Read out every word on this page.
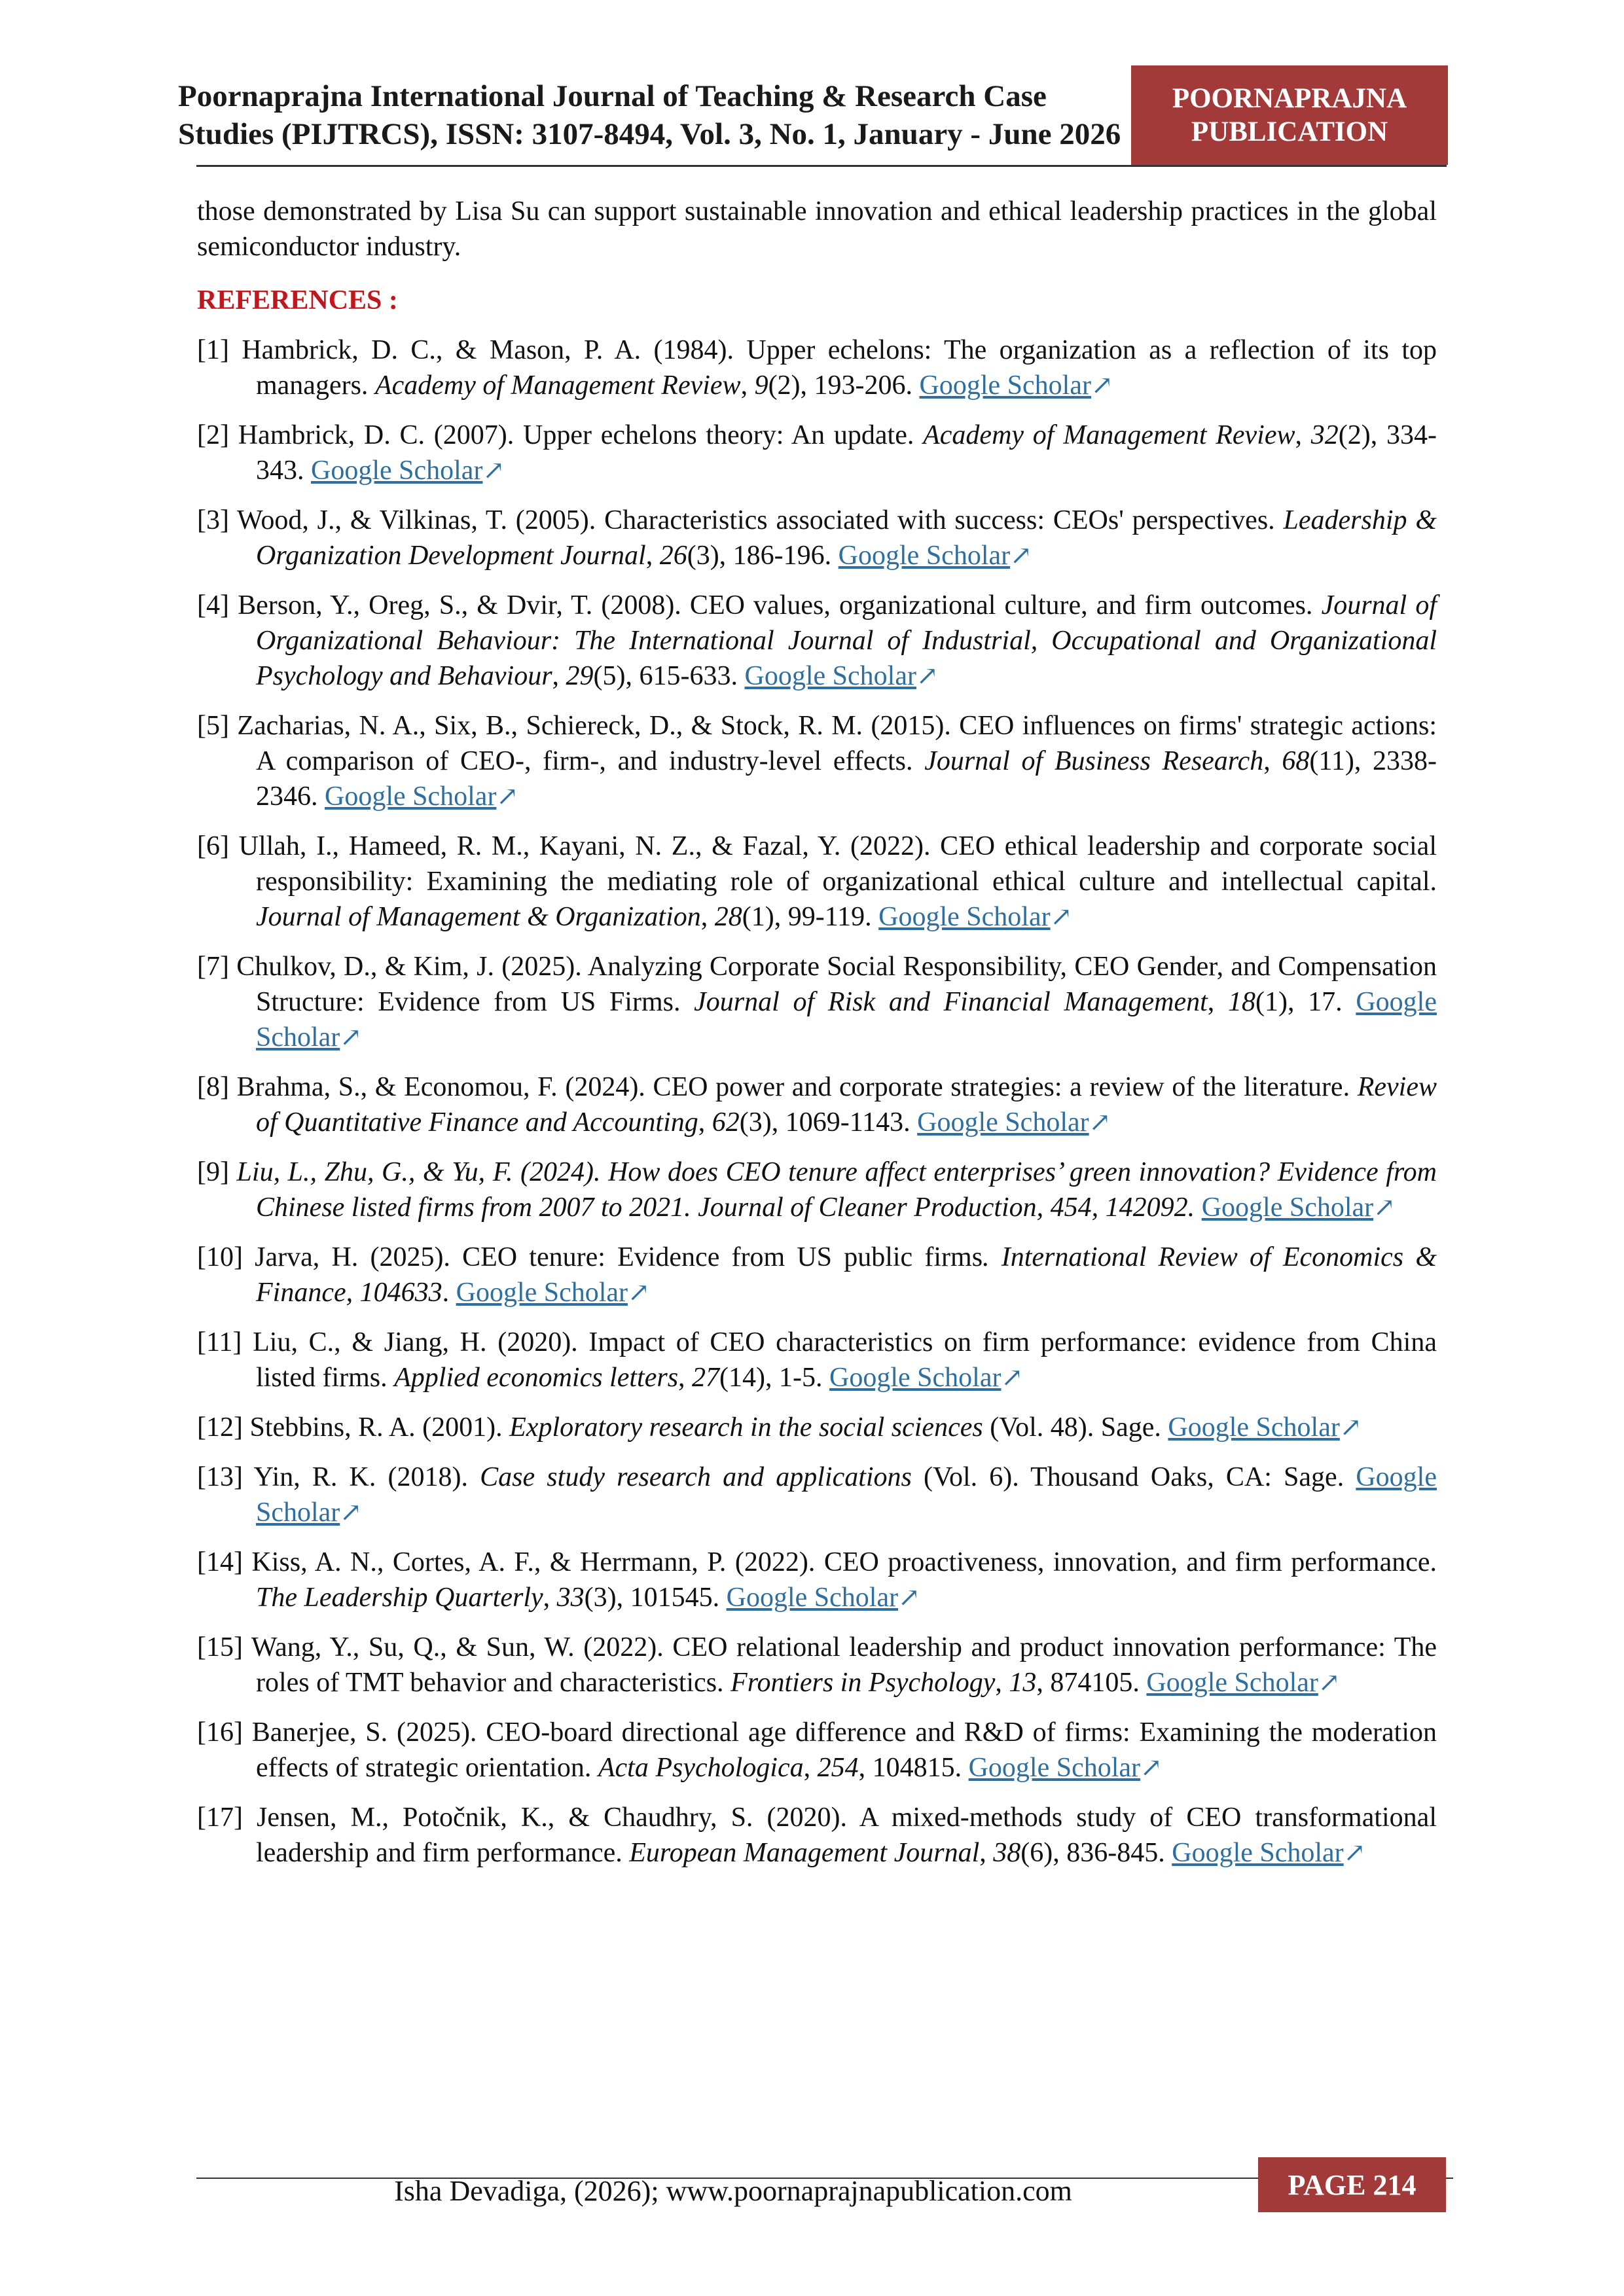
Poornaprajna International Journal of Teaching & Research Case
Studies (PIJTRCS), ISSN: 3107-8494, Vol. 3, No. 1, January - June 2026
POORNAPRAJNA
PUBLICATION

those demonstrated by Lisa Su can support sustainable innovation and ethical leadership practices in the global semiconductor industry.

REFERENCES :

[1] Hambrick, D. C., & Mason, P. A. (1984). Upper echelons: The organization as a reflection of its top managers. Academy of Management Review, 9(2), 193-206. Google Scholar↗

[2] Hambrick, D. C. (2007). Upper echelons theory: An update. Academy of Management Review, 32(2), 334-343. Google Scholar↗

[3] Wood, J., & Vilkinas, T. (2005). Characteristics associated with success: CEOs' perspectives. Leadership & Organization Development Journal, 26(3), 186-196. Google Scholar↗

[4] Berson, Y., Oreg, S., & Dvir, T. (2008). CEO values, organizational culture, and firm outcomes. Journal of Organizational Behaviour: The International Journal of Industrial, Occupational and Organizational Psychology and Behaviour, 29(5), 615-633. Google Scholar↗

[5] Zacharias, N. A., Six, B., Schiereck, D., & Stock, R. M. (2015). CEO influences on firms' strategic actions: A comparison of CEO-, firm-, and industry-level effects. Journal of Business Research, 68(11), 2338-2346. Google Scholar↗

[6] Ullah, I., Hameed, R. M., Kayani, N. Z., & Fazal, Y. (2022). CEO ethical leadership and corporate social responsibility: Examining the mediating role of organizational ethical culture and intellectual capital. Journal of Management & Organization, 28(1), 99-119. Google Scholar↗

[7] Chulkov, D., & Kim, J. (2025). Analyzing Corporate Social Responsibility, CEO Gender, and Compensation Structure: Evidence from US Firms. Journal of Risk and Financial Management, 18(1), 17. Google Scholar↗

[8] Brahma, S., & Economou, F. (2024). CEO power and corporate strategies: a review of the literature. Review of Quantitative Finance and Accounting, 62(3), 1069-1143. Google Scholar↗

[9] Liu, L., Zhu, G., & Yu, F. (2024). How does CEO tenure affect enterprises’ green innovation? Evidence from Chinese listed firms from 2007 to 2021. Journal of Cleaner Production, 454, 142092. Google Scholar↗

[10] Jarva, H. (2025). CEO tenure: Evidence from US public firms. International Review of Economics & Finance, 104633. Google Scholar↗

[11] Liu, C., & Jiang, H. (2020). Impact of CEO characteristics on firm performance: evidence from China listed firms. Applied economics letters, 27(14), 1-5. Google Scholar↗

[12] Stebbins, R. A. (2001). Exploratory research in the social sciences (Vol. 48). Sage. Google Scholar↗

[13] Yin, R. K. (2018). Case study research and applications (Vol. 6). Thousand Oaks, CA: Sage. Google Scholar↗

[14] Kiss, A. N., Cortes, A. F., & Herrmann, P. (2022). CEO proactiveness, innovation, and firm performance. The Leadership Quarterly, 33(3), 101545. Google Scholar↗

[15] Wang, Y., Su, Q., & Sun, W. (2022). CEO relational leadership and product innovation performance: The roles of TMT behavior and characteristics. Frontiers in Psychology, 13, 874105. Google Scholar↗

[16] Banerjee, S. (2025). CEO-board directional age difference and R&D of firms: Examining the moderation effects of strategic orientation. Acta Psychologica, 254, 104815. Google Scholar↗

[17] Jensen, M., Potočnik, K., & Chaudhry, S. (2020). A mixed-methods study of CEO transformational leadership and firm performance. European Management Journal, 38(6), 836-845. Google Scholar↗

Isha Devadiga, (2026); www.poornaprajnapublication.com	PAGE 214
